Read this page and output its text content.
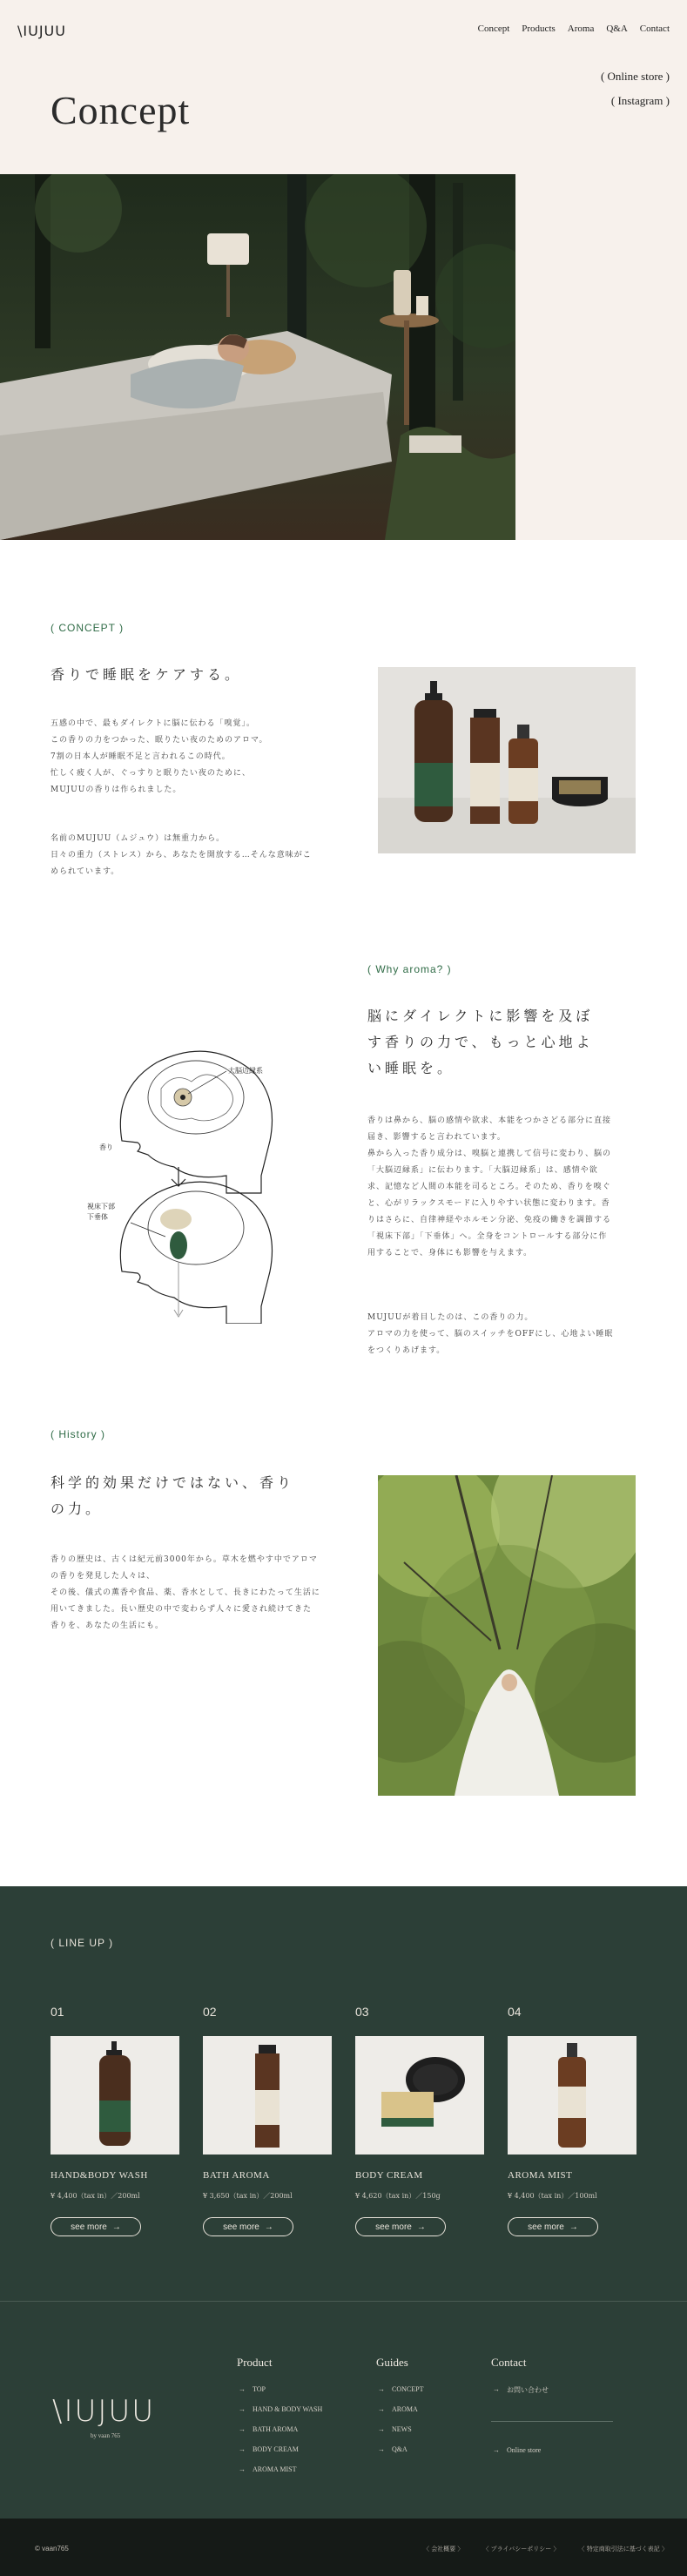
\IUJUU	Concept Products Aroma Q&A Contact
( Online store )
( Instagram )
Concept
( CONCEPT )
香りで睡眠をケアする。
五感の中で、最もダイレクトに脳に伝わる「嗅覚」。
この香りの力をつかった、眠りたい夜のためのアロマ。
7割の日本人が睡眠不足と言われるこの時代。
忙しく疲く人が、ぐっすりと眠りたい夜のために、
MUJUUの香りは作られました。
名前のMUJUU（ムジュウ）は無重力から。
日々の重力（ストレス）から、あなたを開放する…そんな意味がこ
められています。
( Why aroma? )
脳にダイレクトに影響を及ぼ
す香りの力で、もっと心地よ
い睡眠を。
香りは鼻から、脳の感情や欲求、本能をつかさどる部分に直接
届き、影響すると言われています。
鼻から入った香り成分は、嗅脳と連携して信号に変わり、脳の
「大脳辺縁系」に伝わります。「大脳辺縁系」は、感情や欲
求、記憶など人間の本能を司るところ。そのため、香りを嗅ぐ
と、心がリラックスモードに入りやすい状態に変わります。香
りはさらに、自律神経やホルモン分泌、免疫の働きを調節する
「視床下部」「下垂体」へ。全身をコントロールする部分に作
用することで、身体にも影響を与えます。
MUJUUが着目したのは、この香りの力。
アロマの力を使って、脳のスイッチをOFFにし、心地よい睡眠
をつくりあげます。
大脳辺縁系
香り
視床下部
下垂体
( History )
科学的効果だけではない、香り
の力。
香りの歴史は、古くは紀元前3000年から。草木を燃やす中でアロマ
の香りを発見した人々は、
その後、儀式の薫香や食品、薬、香水として、長きにわたって生活に
用いてきました。長い歴史の中で変わらず人々に愛され続けてきた
香りを、あなたの生活にも。
( LINE UP )
01
HAND&BODY WASH
¥ 4,400（tax in）／200ml
see more →
02
BATH AROMA
¥ 3,650（tax in）／200ml
see more →
03
BODY CREAM
¥ 4,620（tax in）／150g
see more →
04
AROMA MIST
¥ 4,400（tax in）／100ml
see more →
\IUJUU
by vaan 765
Product
→ TOP
→ HAND & BODY WASH
→ BATH AROMA
→ BODY CREAM
→ AROMA MIST
Guides
→ CONCEPT
→ AROMA
→ NEWS
→ Q&A
Contact
→ お問い合わせ
→ Online store
© vaan765	〈 会社概要 〉	〈 プライバシーポリシー 〉	〈 特定商取引法に基づく表記 〉
